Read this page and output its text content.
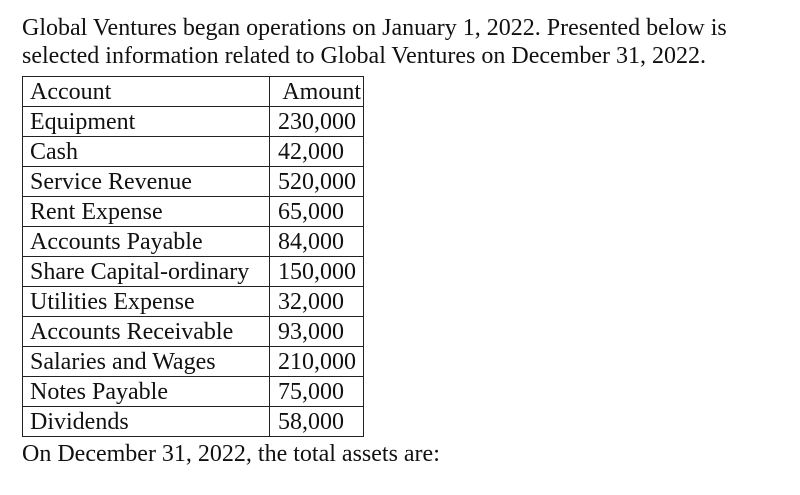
Global Ventures began operations on January 1, 2022. Presented below is
selected information related to Global Ventures on December 31, 2022.

Account	Amount
Equipment	230,000
Cash	42,000
Service Revenue	520,000
Rent Expense	65,000
Accounts Payable	84,000
Share Capital-ordinary	150,000
Utilities Expense	32,000
Accounts Receivable	93,000
Salaries and Wages	210,000
Notes Payable	75,000
Dividends	58,000

On December 31, 2022, the total assets are:
